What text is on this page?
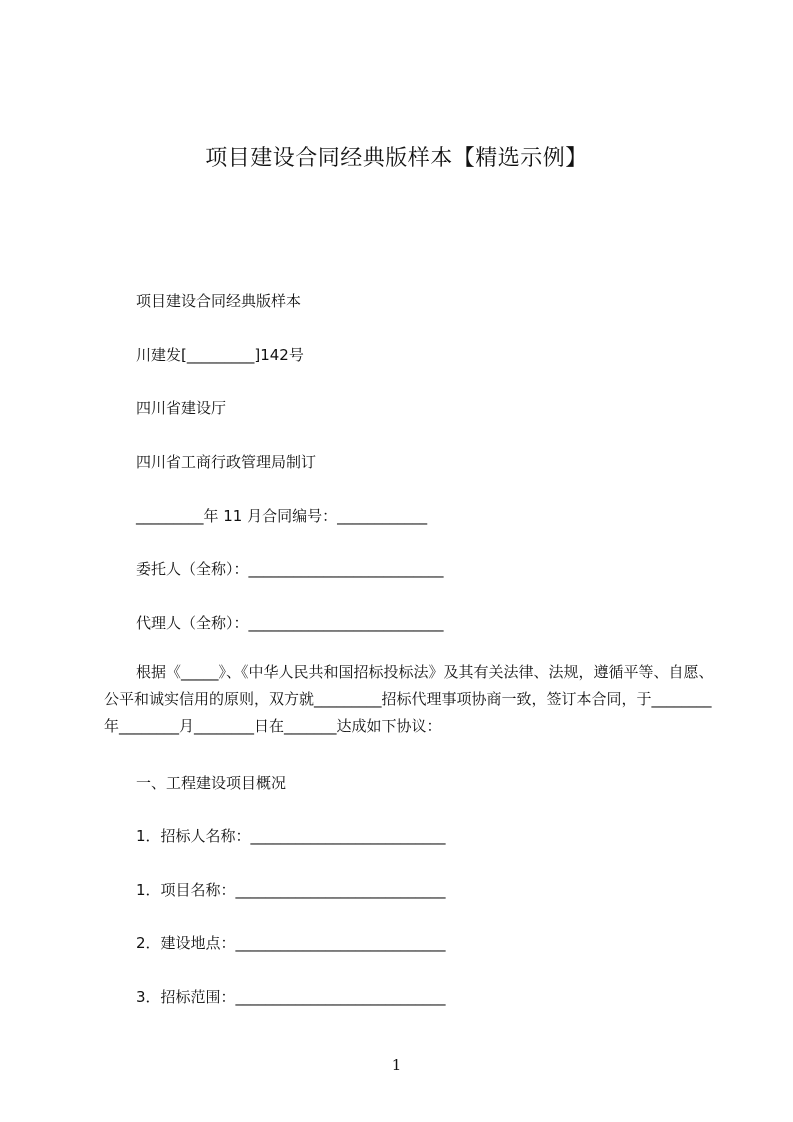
项目建设合同经典版样本【精选示例】

项目建设合同经典版样本

川建发[_________]142号

四川省建设厅

四川省工商行政管理局制订

_________年 11 月合同编号：____________

委托人（全称）：__________________________

代理人（全称）：__________________________

根据《_____》、《中华人民共和国招标投标法》及其有关法律、法规，遵循平等、自愿、公平和诚实信用的原则，双方就_________招标代理事项协商一致，签订本合同，于________年________月________日在_______达成如下协议：

一、工程建设项目概况

1．招标人名称：__________________________

1．项目名称：____________________________

2．建设地点：____________________________

3．招标范围：____________________________

1
